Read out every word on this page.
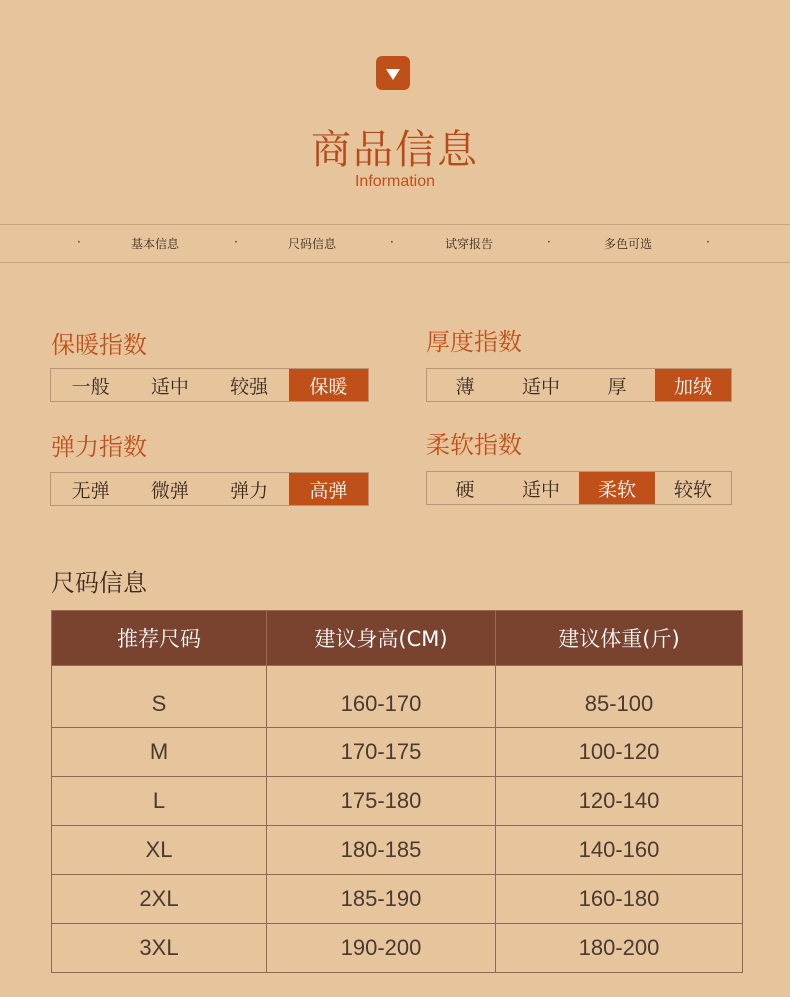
商品信息
Information
·	基本信息	·	尺码信息	·	试穿报告	·	多色可选	·
保暖指数
一般	适中	较强	保暖
厚度指数
薄	适中	厚	加绒
弹力指数
无弹	微弹	弹力	高弹
柔软指数
硬	适中	柔软	较软
尺码信息
推荐尺码	建议身高(CM)	建议体重(斤)
S	160-170	85-100
M	170-175	100-120
L	175-180	120-140
XL	180-185	140-160
2XL	185-190	160-180
3XL	190-200	180-200
